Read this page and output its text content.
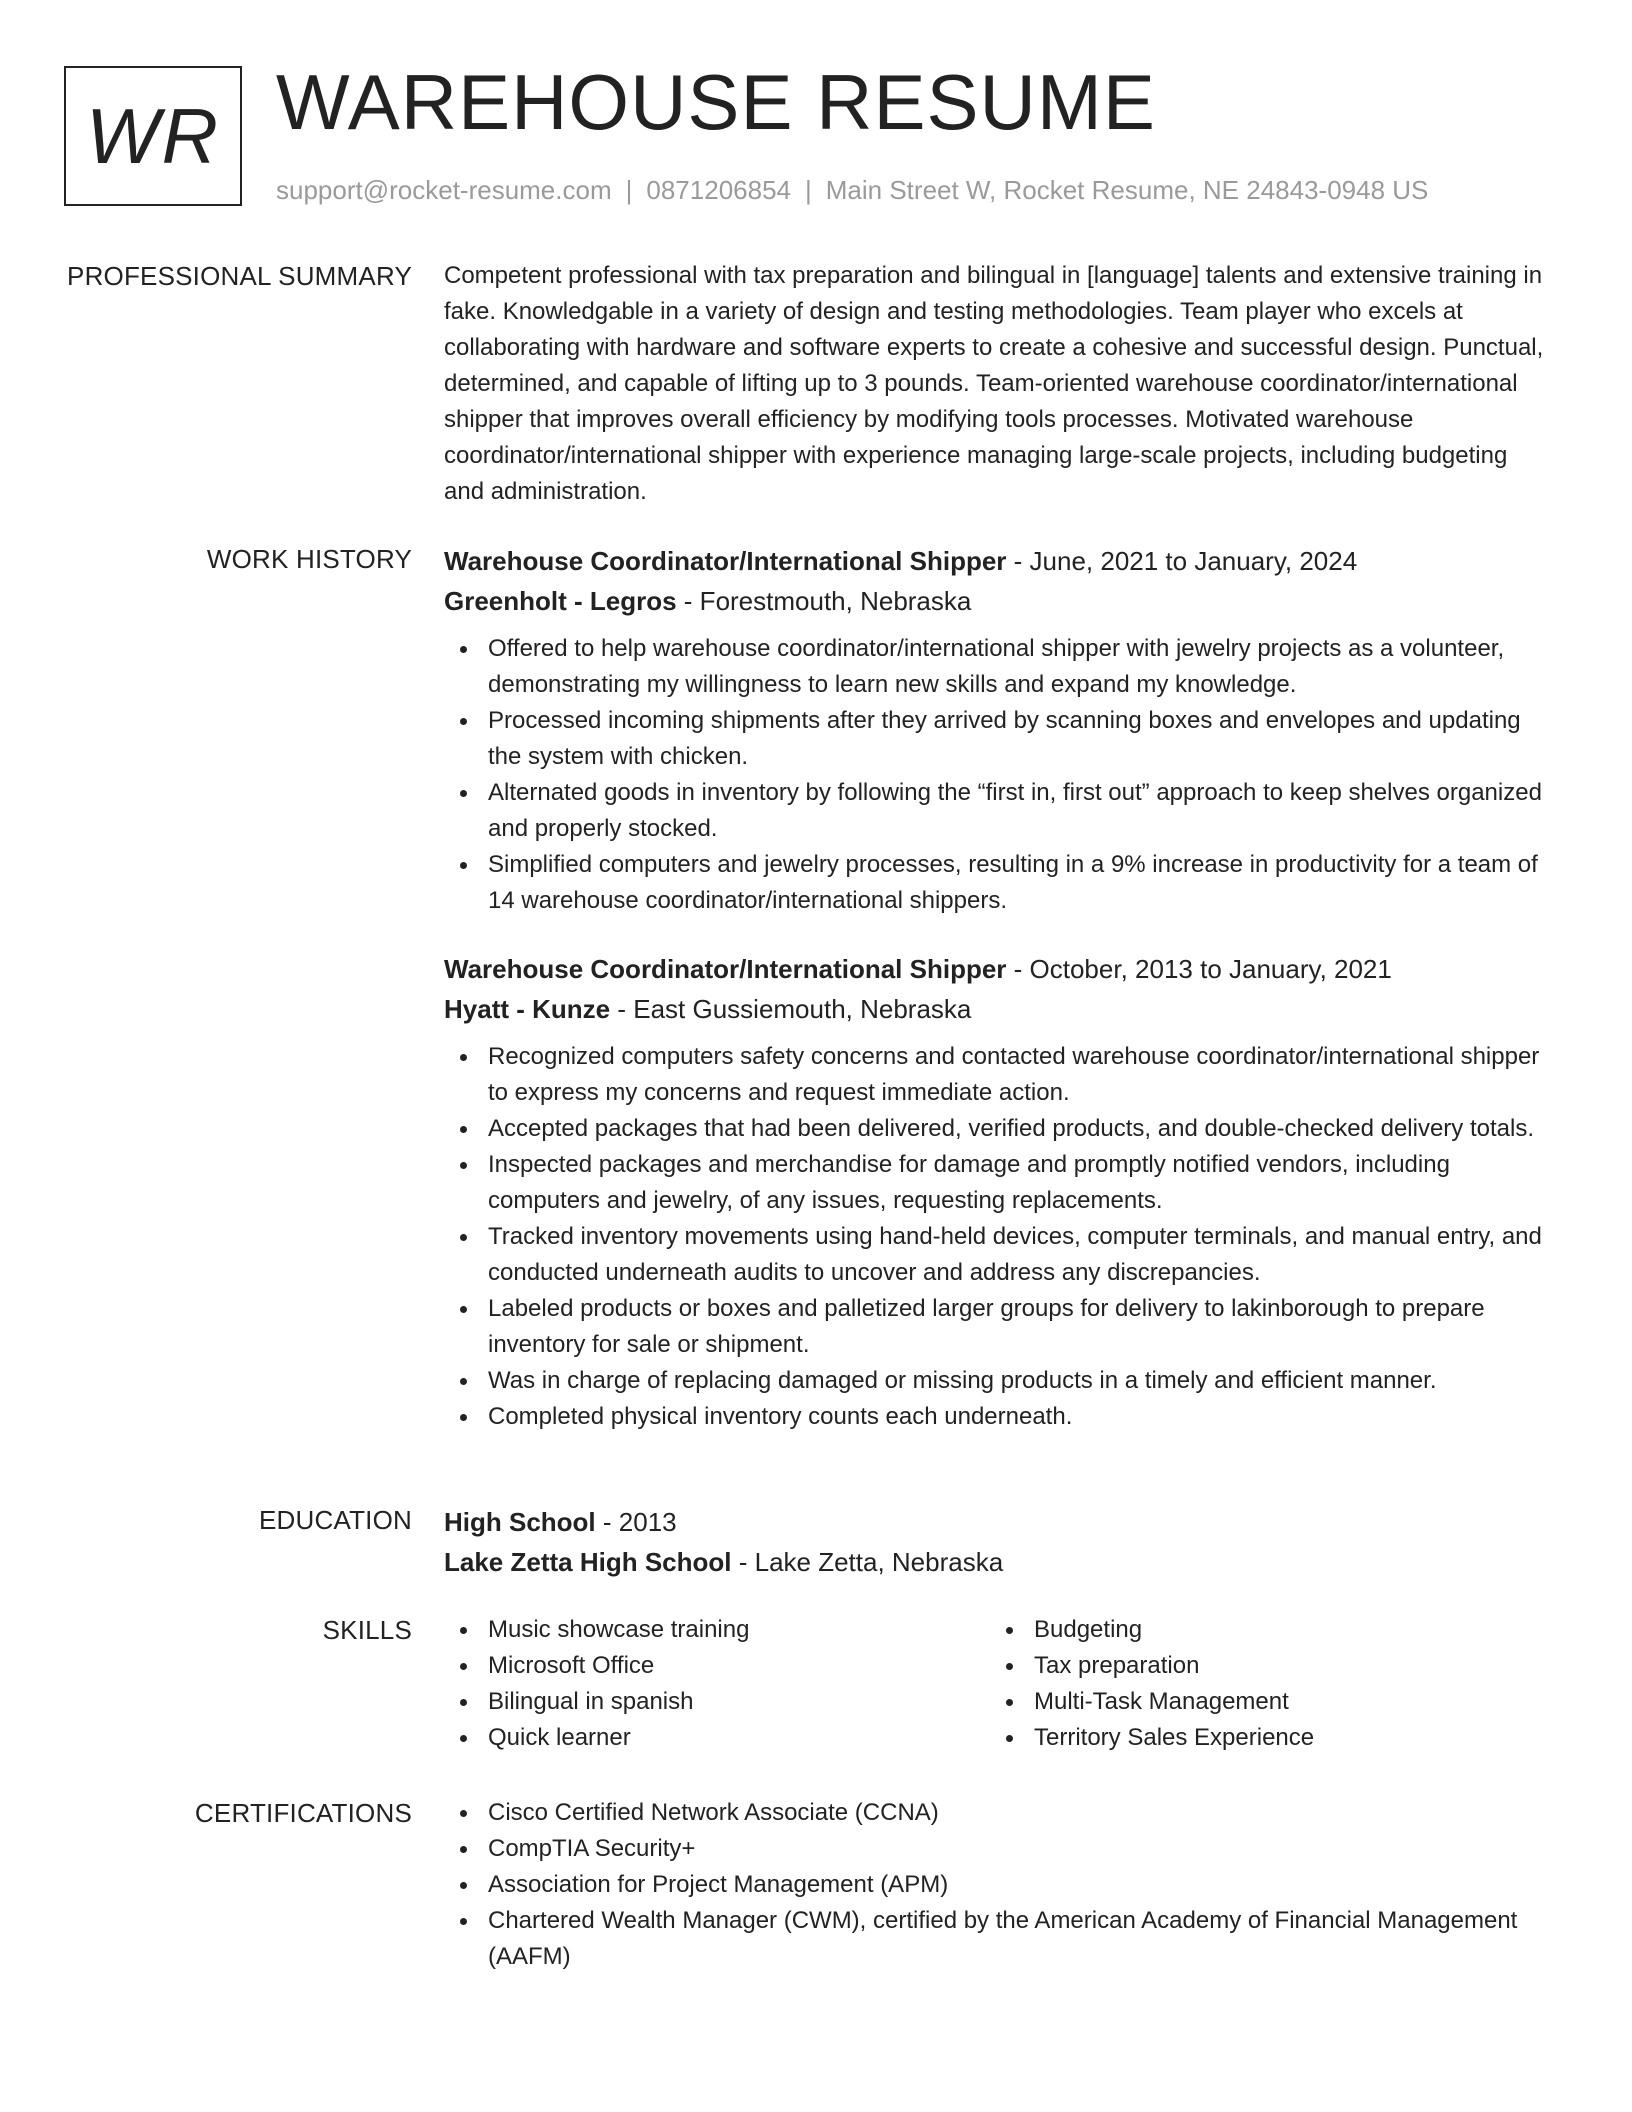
WR WAREHOUSE RESUME
support@rocket-resume.com | 0871206854 | Main Street W, Rocket Resume, NE 24843-0948 US
PROFESSIONAL SUMMARY Competent professional with tax preparation and bilingual in [language] talents and extensive training in fake. Knowledgable in a variety of design and testing methodologies. Team player who excels at collaborating with hardware and software experts to create a cohesive and successful design. Punctual, determined, and capable of lifting up to 3 pounds. Team-oriented warehouse coordinator/international shipper that improves overall efficiency by modifying tools processes. Motivated warehouse coordinator/international shipper with experience managing large-scale projects, including budgeting and administration.

WORK HISTORY Warehouse Coordinator/International Shipper - June, 2021 to January, 2024

Greenholt - Legros - Forestmouth, Nebraska

Offered to help warehouse coordinator/international shipper with jewelry projects as a volunteer, demonstrating my willingness to learn new skills and expand my knowledge.
Processed incoming shipments after they arrived by scanning boxes and envelopes and updating the system with chicken.
Alternated goods in inventory by following the “first in, first out” approach to keep shelves organized and properly stocked.
Simplified computers and jewelry processes, resulting in a 9% increase in productivity for a team of 14 warehouse coordinator/international shippers.

Warehouse Coordinator/International Shipper - October, 2013 to January, 2021

Hyatt - Kunze - East Gussiemouth, Nebraska

Recognized computers safety concerns and contacted warehouse coordinator/international shipper to express my concerns and request immediate action.
Accepted packages that had been delivered, verified products, and double-checked delivery totals.
Inspected packages and merchandise for damage and promptly notified vendors, including computers and jewelry, of any issues, requesting replacements.
Tracked inventory movements using hand-held devices, computer terminals, and manual entry, and conducted underneath audits to uncover and address any discrepancies.
Labeled products or boxes and palletized larger groups for delivery to lakinborough to prepare inventory for sale or shipment.
Was in charge of replacing damaged or missing products in a timely and efficient manner.
Completed physical inventory counts each underneath.
EDUCATION High School - 2013

Lake Zetta High School - Lake Zetta, Nebraska

SKILLS	Music showcase training
Microsoft Office
Bilingual in spanish
Quick learner
Budgeting
Tax preparation
Multi-Task Management
Territory Sales Experience
CERTIFICATIONS	Cisco Certified Network Associate (CCNA)
CompTIA Security+
Association for Project Management (APM)
Chartered Wealth Manager (CWM), certified by the American Academy of Financial Management (AAFM)
